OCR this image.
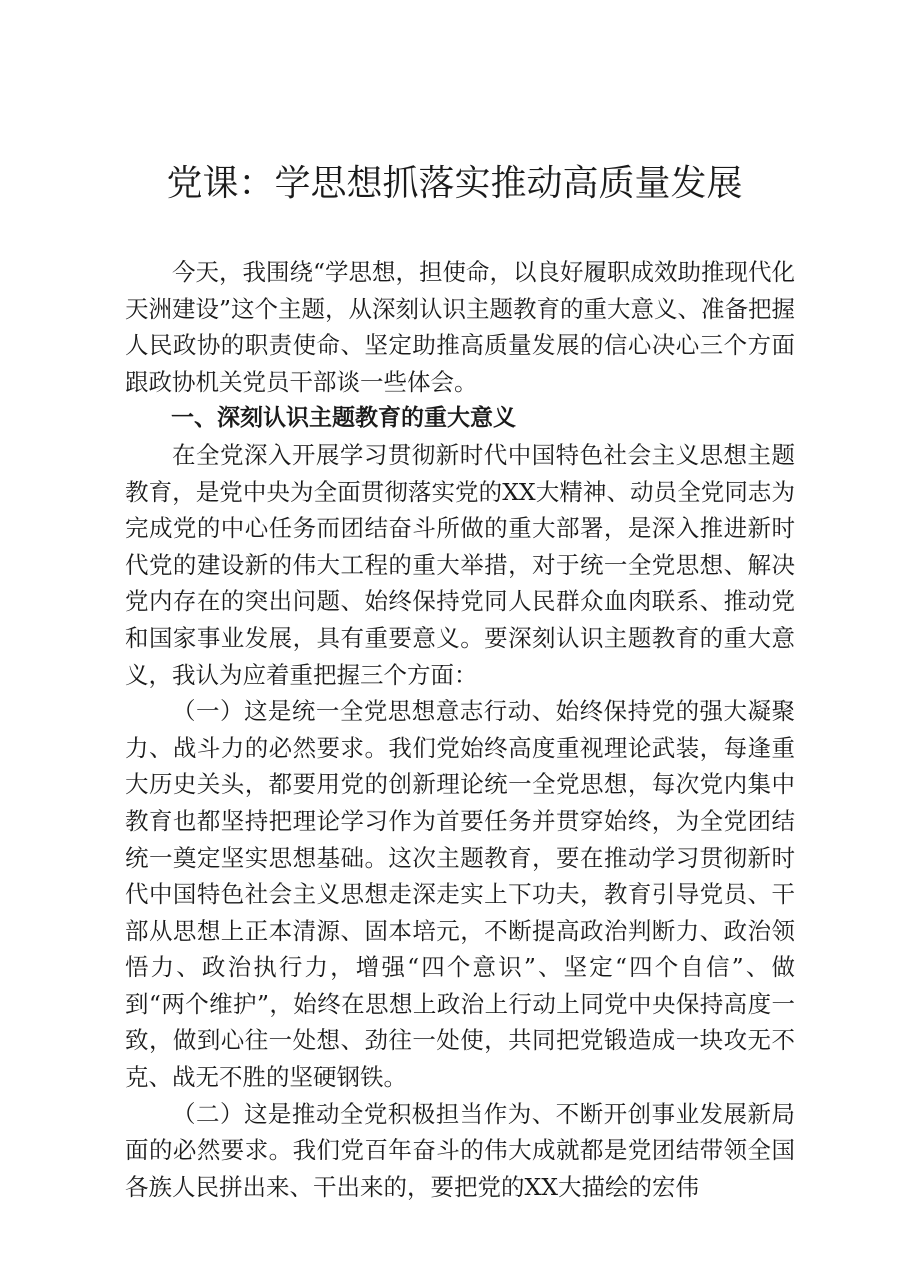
党课：学思想抓落实推动高质量发展

今天，我围绕“学思想，担使命，以良好履职成效助推现代化天洲建设”这个主题，从深刻认识主题教育的重大意义、准备把握人民政协的职责使命、坚定助推高质量发展的信心决心三个方面跟政协机关党员干部谈一些体会。

一、深刻认识主题教育的重大意义

在全党深入开展学习贯彻新时代中国特色社会主义思想主题教育，是党中央为全面贯彻落实党的XX大精神、动员全党同志为完成党的中心任务而团结奋斗所做的重大部署，是深入推进新时代党的建设新的伟大工程的重大举措，对于统一全党思想、解决党内存在的突出问题、始终保持党同人民群众血肉联系、推动党和国家事业发展，具有重要意义。要深刻认识主题教育的重大意义，我认为应着重把握三个方面：

（一）这是统一全党思想意志行动、始终保持党的强大凝聚力、战斗力的必然要求。我们党始终高度重视理论武装，每逢重大历史关头，都要用党的创新理论统一全党思想，每次党内集中教育也都坚持把理论学习作为首要任务并贯穿始终，为全党团结统一奠定坚实思想基础。这次主题教育，要在推动学习贯彻新时代中国特色社会主义思想走深走实上下功夫，教育引导党员、干部从思想上正本清源、固本培元，不断提高政治判断力、政治领悟力、政治执行力，增强“四个意识”、坚定“四个自信”、做到“两个维护”，始终在思想上政治上行动上同党中央保持高度一致，做到心往一处想、劲往一处使，共同把党锻造成一块攻无不克、战无不胜的坚硬钢铁。

（二）这是推动全党积极担当作为、不断开创事业发展新局面的必然要求。我们党百年奋斗的伟大成就都是党团结带领全国各族人民拼出来、干出来的，要把党的XX大描绘的宏伟
